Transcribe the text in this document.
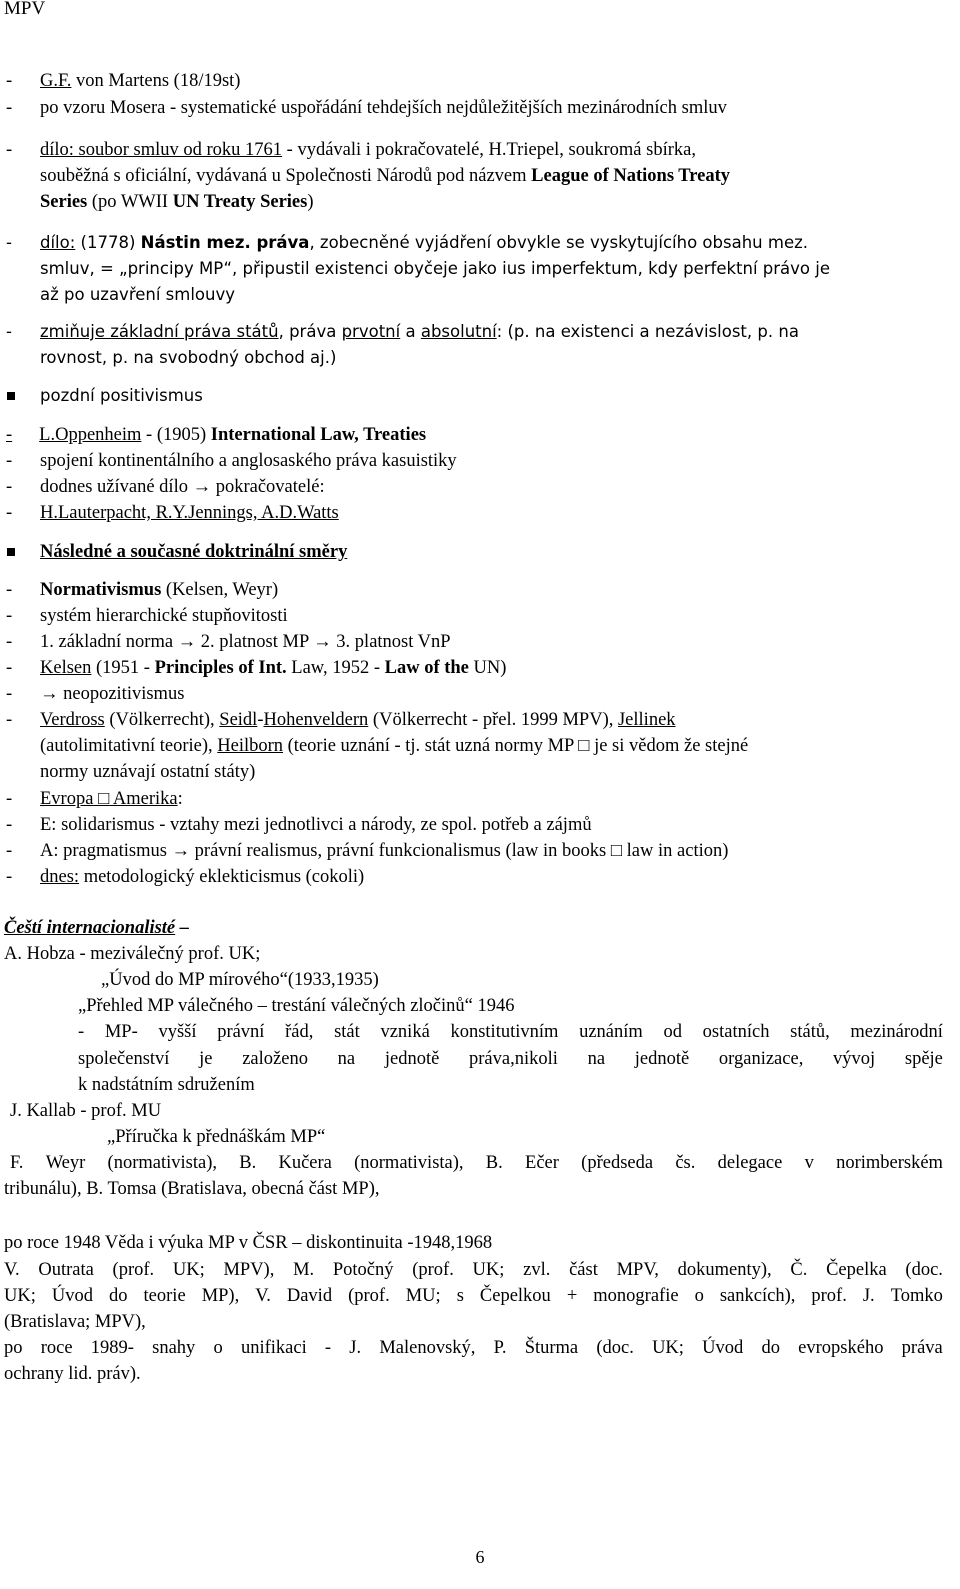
MPV
- G.F. von Martens (18/19st)
- po vzoru Mosera - systematické uspořádání tehdejších nejdůležitějších mezinárodních smluv
- dílo: soubor smluv od roku 1761 - vydávali i pokračovatelé, H.Triepel, soukromá sbírka,
souběžná s oficiální, vydávaná u Společnosti Národů pod názvem League of Nations Treaty
Series (po WWII UN Treaty Series)
- dílo: (1778) Nástin mez. práva, zobecněné vyjádření obvykle se vyskytujícího obsahu mez.
smluv, = „principy MP“, připustil existenci obyčeje jako ius imperfektum, kdy perfektní právo je
až po uzavření smlouvy
- zmiňuje základní práva států, práva prvotní a absolutní: (p. na existenci a nezávislost, p. na
rovnost, p. na svobodný obchod aj.)
pozdní positivismus
-L.Oppenheim - (1905) International Law, Treaties
- spojení kontinentálního a anglosaského práva kasuistiky
- dodnes užívané dílo → pokračovatelé:
- H.Lauterpacht, R.Y.Jennings, A.D.Watts
Následné a současné doktrinální směry
- Normativismus (Kelsen, Weyr)
- systém hierarchické stupňovitosti
- 1. základní norma → 2. platnost MP → 3. platnost VnP
- Kelsen (1951 - Principles of Int. Law, 1952 - Law of the UN)
- → neopozitivismus
- Verdross (Völkerrecht), Seidl-Hohenveldern (Völkerrecht - přel. 1999 MPV), Jellinek
(autolimitativní teorie), Heilborn (teorie uznání - tj. stát uzná normy MP □ je si vědom že stejné
normy uznávají ostatní státy)
- Evropa □ Amerika:
- E: solidarismus - vztahy mezi jednotlivci a národy, ze spol. potřeb a zájmů
- A: pragmatismus → právní realismus, právní funkcionalismus (law in books □ law in action)
- dnes: metodologický eklekticismus (cokoli)
Čeští internacionalisté –
A. Hobza - meziválečný prof. UK;
„Úvod do MP mírového“(1933,1935)
„Přehled MP válečného – trestání válečných zločinů“ 1946
- MP- vyšší právní řád, stát vzniká konstitutivním uznáním od ostatních států, mezinárodní
společenství je založeno na jednotě práva,nikoli na jednotě organizace, vývoj spěje
k nadstátním sdružením
J. Kallab - prof. MU
„Příručka k přednáškám MP“
F. Weyr (normativista), B. Kučera (normativista), B. Ečer (předseda čs. delegace v norimberském
tribunálu), B. Tomsa (Bratislava, obecná část MP),
po roce 1948 Věda i výuka MP v ČSR – diskontinuita -1948,1968
V. Outrata (prof. UK; MPV), M. Potočný (prof. UK; zvl. část MPV, dokumenty), Č. Čepelka (doc.
UK; Úvod do teorie MP), V. David (prof. MU; s Čepelkou + monografie o sankcích), prof. J. Tomko
(Bratislava; MPV),
po roce 1989- snahy o unifikaci - J. Malenovský, P. Šturma (doc. UK; Úvod do evropského práva
ochrany lid. práv).
6
